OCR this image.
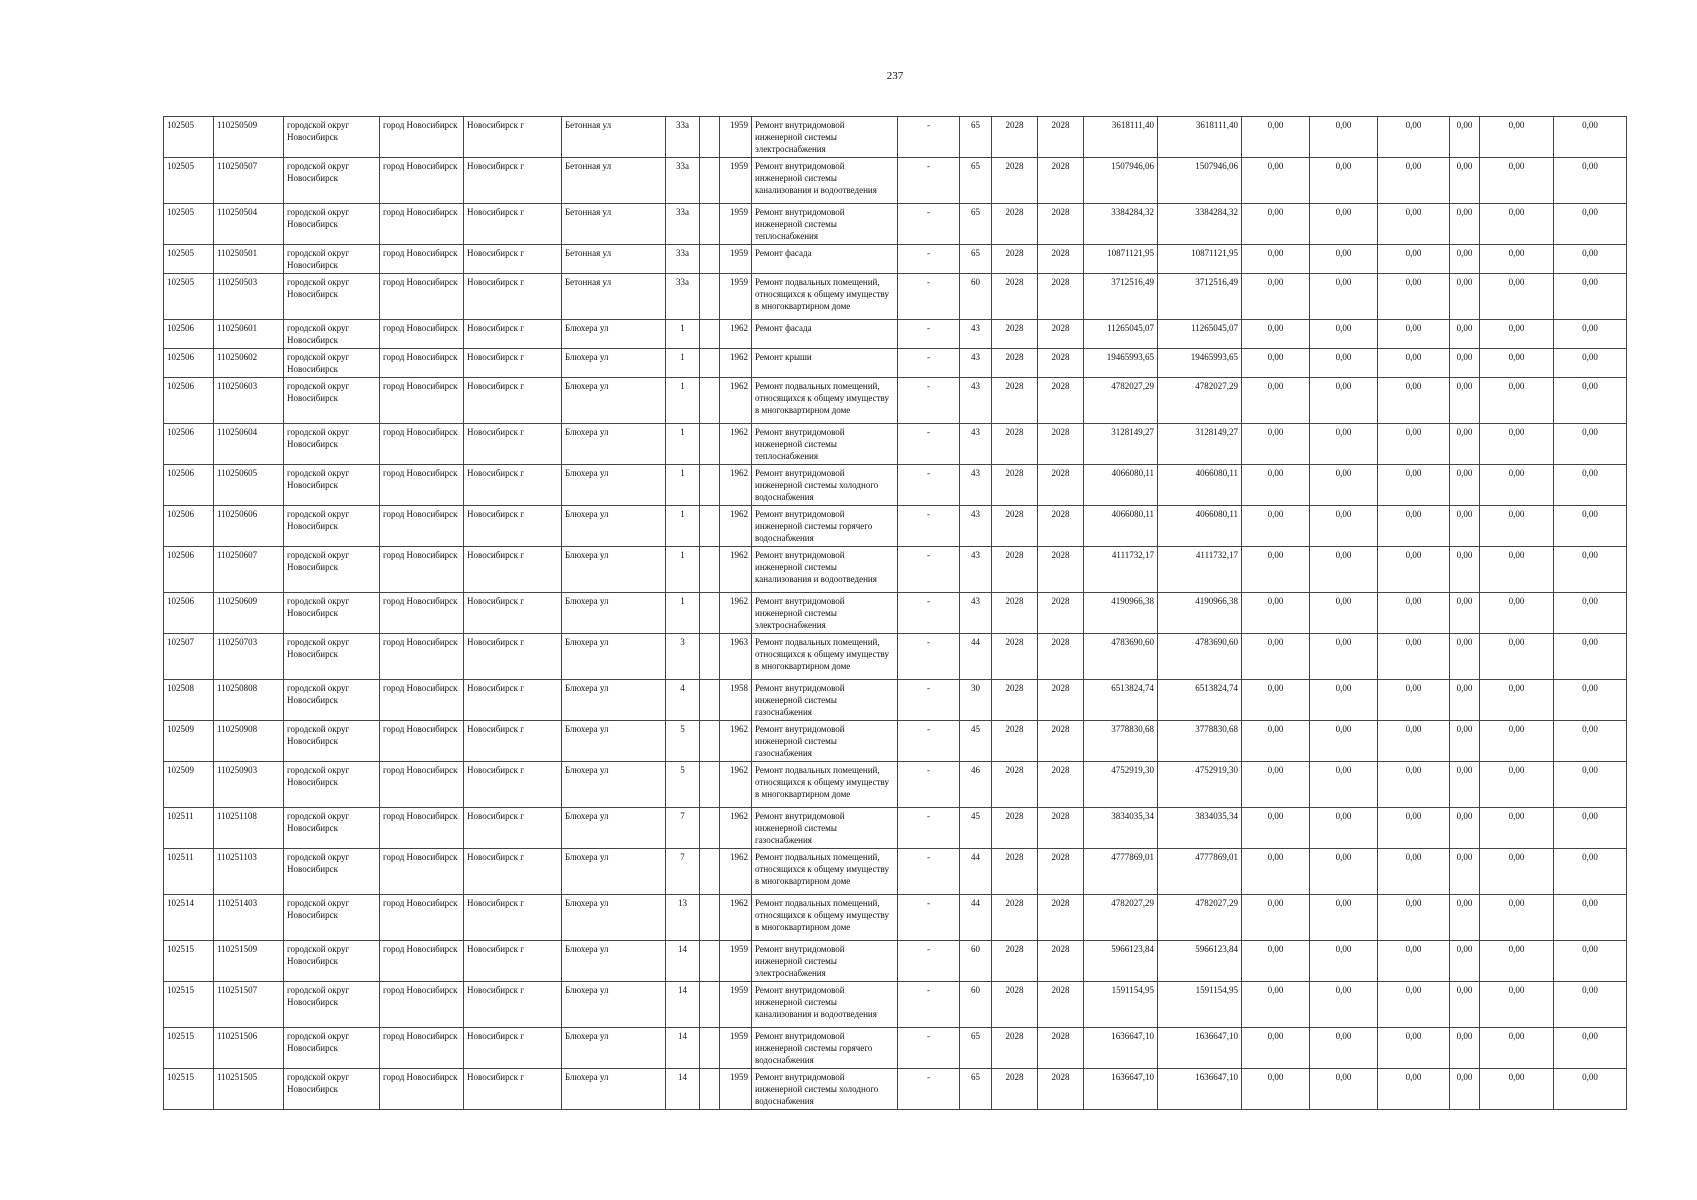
237
102505	110250509	городской округ Новосибирск	город Новосибирск	Новосибирск г	Бетонная ул	33а		1959	Ремонт внутридомовой инженерной системы электроснабжения	-	65	2028	2028	3618111,40	3618111,40	0,00	0,00	0,00	0,00	0,00	0,00
102505	110250507	городской округ Новосибирск	город Новосибирск	Новосибирск г	Бетонная ул	33а		1959	Ремонт внутридомовой инженерной системы канализования и водоотведения	-	65	2028	2028	1507946,06	1507946,06	0,00	0,00	0,00	0,00	0,00	0,00
102505	110250504	городской округ Новосибирск	город Новосибирск	Новосибирск г	Бетонная ул	33а		1959	Ремонт внутридомовой инженерной системы теплоснабжения	-	65	2028	2028	3384284,32	3384284,32	0,00	0,00	0,00	0,00	0,00	0,00
102505	110250501	городской округ Новосибирск	город Новосибирск	Новосибирск г	Бетонная ул	33а		1959	Ремонт фасада	-	65	2028	2028	10871121,95	10871121,95	0,00	0,00	0,00	0,00	0,00	0,00
102505	110250503	городской округ Новосибирск	город Новосибирск	Новосибирск г	Бетонная ул	33а		1959	Ремонт подвальных помещений, относящихся к общему имуществу в многоквартирном доме	-	60	2028	2028	3712516,49	3712516,49	0,00	0,00	0,00	0,00	0,00	0,00
102506	110250601	городской округ Новосибирск	город Новосибирск	Новосибирск г	Блюхера ул	1		1962	Ремонт фасада	-	43	2028	2028	11265045,07	11265045,07	0,00	0,00	0,00	0,00	0,00	0,00
102506	110250602	городской округ Новосибирск	город Новосибирск	Новосибирск г	Блюхера ул	1		1962	Ремонт крыши	-	43	2028	2028	19465993,65	19465993,65	0,00	0,00	0,00	0,00	0,00	0,00
102506	110250603	городской округ Новосибирск	город Новосибирск	Новосибирск г	Блюхера ул	1		1962	Ремонт подвальных помещений, относящихся к общему имуществу в многоквартирном доме	-	43	2028	2028	4782027,29	4782027,29	0,00	0,00	0,00	0,00	0,00	0,00
102506	110250604	городской округ Новосибирск	город Новосибирск	Новосибирск г	Блюхера ул	1		1962	Ремонт внутридомовой инженерной системы теплоснабжения	-	43	2028	2028	3128149,27	3128149,27	0,00	0,00	0,00	0,00	0,00	0,00
102506	110250605	городской округ Новосибирск	город Новосибирск	Новосибирск г	Блюхера ул	1		1962	Ремонт внутридомовой инженерной системы холодного водоснабжения	-	43	2028	2028	4066080,11	4066080,11	0,00	0,00	0,00	0,00	0,00	0,00
102506	110250606	городской округ Новосибирск	город Новосибирск	Новосибирск г	Блюхера ул	1		1962	Ремонт внутридомовой инженерной системы горячего водоснабжения	-	43	2028	2028	4066080,11	4066080,11	0,00	0,00	0,00	0,00	0,00	0,00
102506	110250607	городской округ Новосибирск	город Новосибирск	Новосибирск г	Блюхера ул	1		1962	Ремонт внутридомовой инженерной системы канализования и водоотведения	-	43	2028	2028	4111732,17	4111732,17	0,00	0,00	0,00	0,00	0,00	0,00
102506	110250609	городской округ Новосибирск	город Новосибирск	Новосибирск г	Блюхера ул	1		1962	Ремонт внутридомовой инженерной системы электроснабжения	-	43	2028	2028	4190966,38	4190966,38	0,00	0,00	0,00	0,00	0,00	0,00
102507	110250703	городской округ Новосибирск	город Новосибирск	Новосибирск г	Блюхера ул	3		1963	Ремонт подвальных помещений, относящихся к общему имуществу в многоквартирном доме	-	44	2028	2028	4783690,60	4783690,60	0,00	0,00	0,00	0,00	0,00	0,00
102508	110250808	городской округ Новосибирск	город Новосибирск	Новосибирск г	Блюхера ул	4		1958	Ремонт внутридомовой инженерной системы газоснабжения	-	30	2028	2028	6513824,74	6513824,74	0,00	0,00	0,00	0,00	0,00	0,00
102509	110250908	городской округ Новосибирск	город Новосибирск	Новосибирск г	Блюхера ул	5		1962	Ремонт внутридомовой инженерной системы газоснабжения	-	45	2028	2028	3778830,68	3778830,68	0,00	0,00	0,00	0,00	0,00	0,00
102509	110250903	городской округ Новосибирск	город Новосибирск	Новосибирск г	Блюхера ул	5		1962	Ремонт подвальных помещений, относящихся к общему имуществу в многоквартирном доме	-	46	2028	2028	4752919,30	4752919,30	0,00	0,00	0,00	0,00	0,00	0,00
102511	110251108	городской округ Новосибирск	город Новосибирск	Новосибирск г	Блюхера ул	7		1962	Ремонт внутридомовой инженерной системы газоснабжения	-	45	2028	2028	3834035,34	3834035,34	0,00	0,00	0,00	0,00	0,00	0,00
102511	110251103	городской округ Новосибирск	город Новосибирск	Новосибирск г	Блюхера ул	7		1962	Ремонт подвальных помещений, относящихся к общему имуществу в многоквартирном доме	-	44	2028	2028	4777869,01	4777869,01	0,00	0,00	0,00	0,00	0,00	0,00
102514	110251403	городской округ Новосибирск	город Новосибирск	Новосибирск г	Блюхера ул	13		1962	Ремонт подвальных помещений, относящихся к общему имуществу в многоквартирном доме	-	44	2028	2028	4782027,29	4782027,29	0,00	0,00	0,00	0,00	0,00	0,00
102515	110251509	городской округ Новосибирск	город Новосибирск	Новосибирск г	Блюхера ул	14		1959	Ремонт внутридомовой инженерной системы электроснабжения	-	60	2028	2028	5966123,84	5966123,84	0,00	0,00	0,00	0,00	0,00	0,00
102515	110251507	городской округ Новосибирск	город Новосибирск	Новосибирск г	Блюхера ул	14		1959	Ремонт внутридомовой инженерной системы канализования и водоотведения	-	60	2028	2028	1591154,95	1591154,95	0,00	0,00	0,00	0,00	0,00	0,00
102515	110251506	городской округ Новосибирск	город Новосибирск	Новосибирск г	Блюхера ул	14		1959	Ремонт внутридомовой инженерной системы горячего водоснабжения	-	65	2028	2028	1636647,10	1636647,10	0,00	0,00	0,00	0,00	0,00	0,00
102515	110251505	городской округ Новосибирск	город Новосибирск	Новосибирск г	Блюхера ул	14		1959	Ремонт внутридомовой инженерной системы холодного водоснабжения	-	65	2028	2028	1636647,10	1636647,10	0,00	0,00	0,00	0,00	0,00	0,00
